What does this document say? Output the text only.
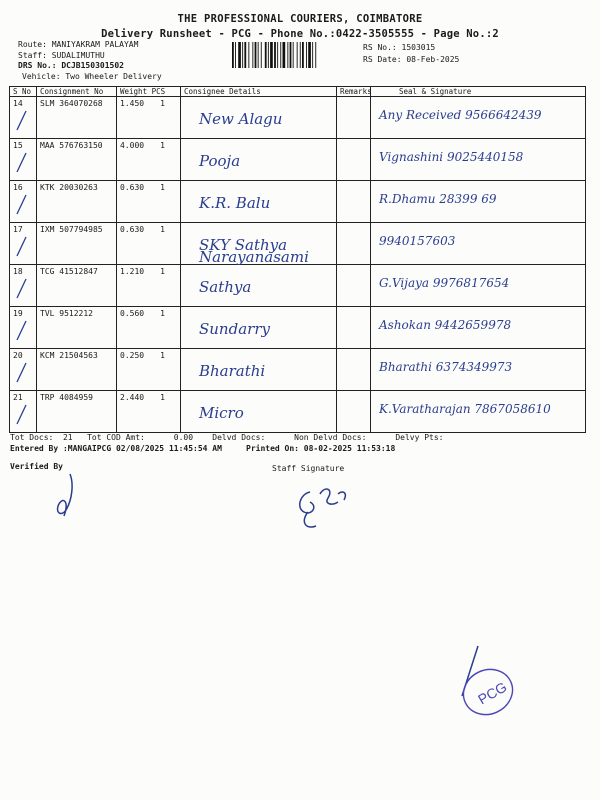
THE PROFESSIONAL COURIERS, COIMBATORE
Delivery Runsheet - PCG - Phone No.:0422-3505555 - Page No.:2
Route: MANIYAKRAM PALAYAM
Staff: SUDALIMUTHU
DRS No.: DCJB150301502
Vehicle: Two Wheeler Delivery
RS No.: 1503015
RS Date: 08-Feb-2025
S No	Consignment No	Weight PCS	Consignee Details	Remarks	Seal & Signature
14	SLM 364070268	1.450 1	New Alagu		Any Received 9566642439

15	MAA 576763150	4.000 1	Pooja		Vignashini 9025440158

16	KTK 20030263	0.630 1	K.R. Balu		R.Dhamu 28399 69

17	IXM 507794985	0.630 1	SKY Sathya Narayanasami		9940157603

18	TCG 41512847	1.210 1	Sathya		G.Vijaya 9976817654

19	TVL 9512212	0.560 1	Sundarry		Ashokan 9442659978

20	KCM 21504563	0.250 1	Bharathi		Bharathi 6374349973

21	TRP 4084959	2.440 1	Micro		K.Varatharajan 7867058610
Tot Docs:  21   Tot COD Amt:      0.00    Delvd Docs:      Non Delvd Docs:      Delvy Pts:
Entered By :MANGAIPCG 02/08/2025 11:45:54 AM     Printed On: 08-02-2025 11:53:18
Verified By	Staff Signature
PCG
